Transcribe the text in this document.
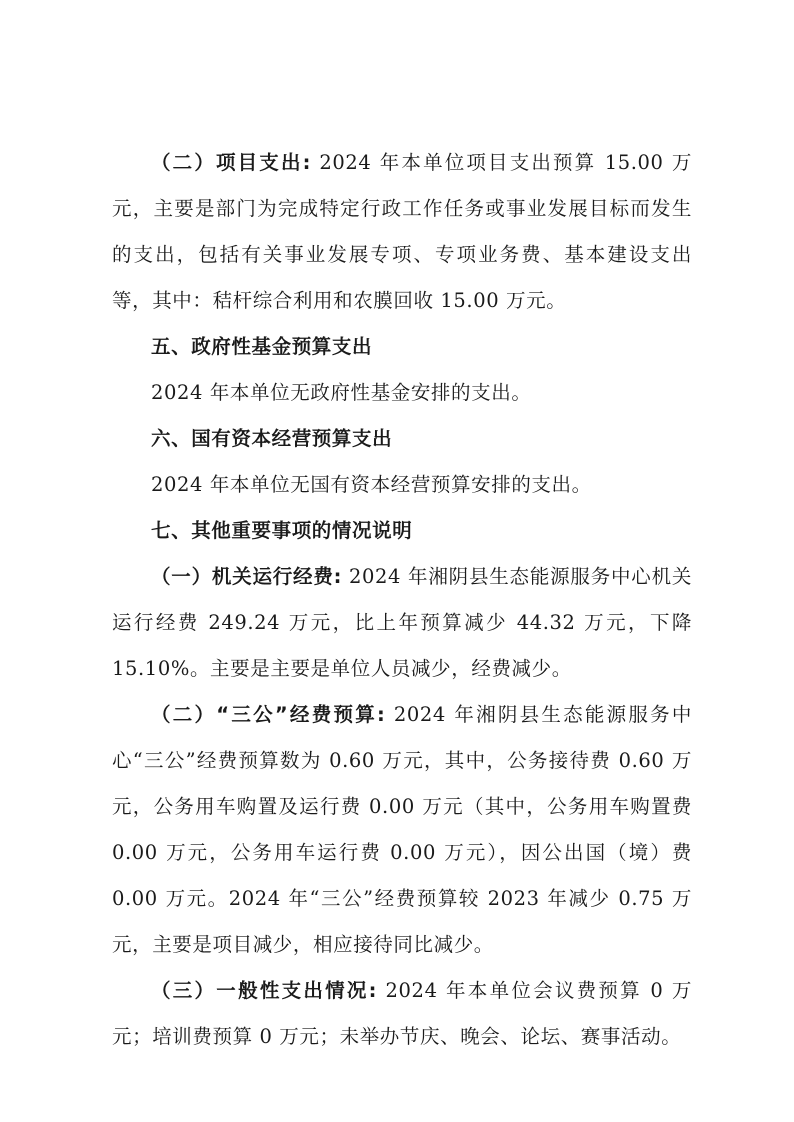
（二）项目支出: 2024 年本单位项目支出预算 15.00 万元，主要是部门为完成特定行政工作任务或事业发展目标而发生的支出，包括有关事业发展专项、专项业务费、基本建设支出等，其中：秸杆综合利用和农膜回收 15.00 万元。

五、政府性基金预算支出

2024 年本单位无政府性基金安排的支出。

六、国有资本经营预算支出

2024 年本单位无国有资本经营预算安排的支出。

七、其他重要事项的情况说明

（一）机关运行经费: 2024 年湘阴县生态能源服务中心机关运行经费 249.24 万元，比上年预算减少 44.32 万元，下降 15.10%。主要是主要是单位人员减少，经费减少。

（二）“三公”经费预算: 2024 年湘阴县生态能源服务中心“三公”经费预算数为 0.60 万元，其中，公务接待费 0.60 万元，公务用车购置及运行费 0.00 万元（其中，公务用车购置费 0.00 万元，公务用车运行费 0.00 万元），因公出国（境）费 0.00 万元。2024 年“三公”经费预算较 2023 年减少 0.75 万元，主要是项目减少，相应接待同比减少。

（三）一般性支出情况: 2024 年本单位会议费预算 0 万元；培训费预算 0 万元；未举办节庆、晚会、论坛、赛事活动。
